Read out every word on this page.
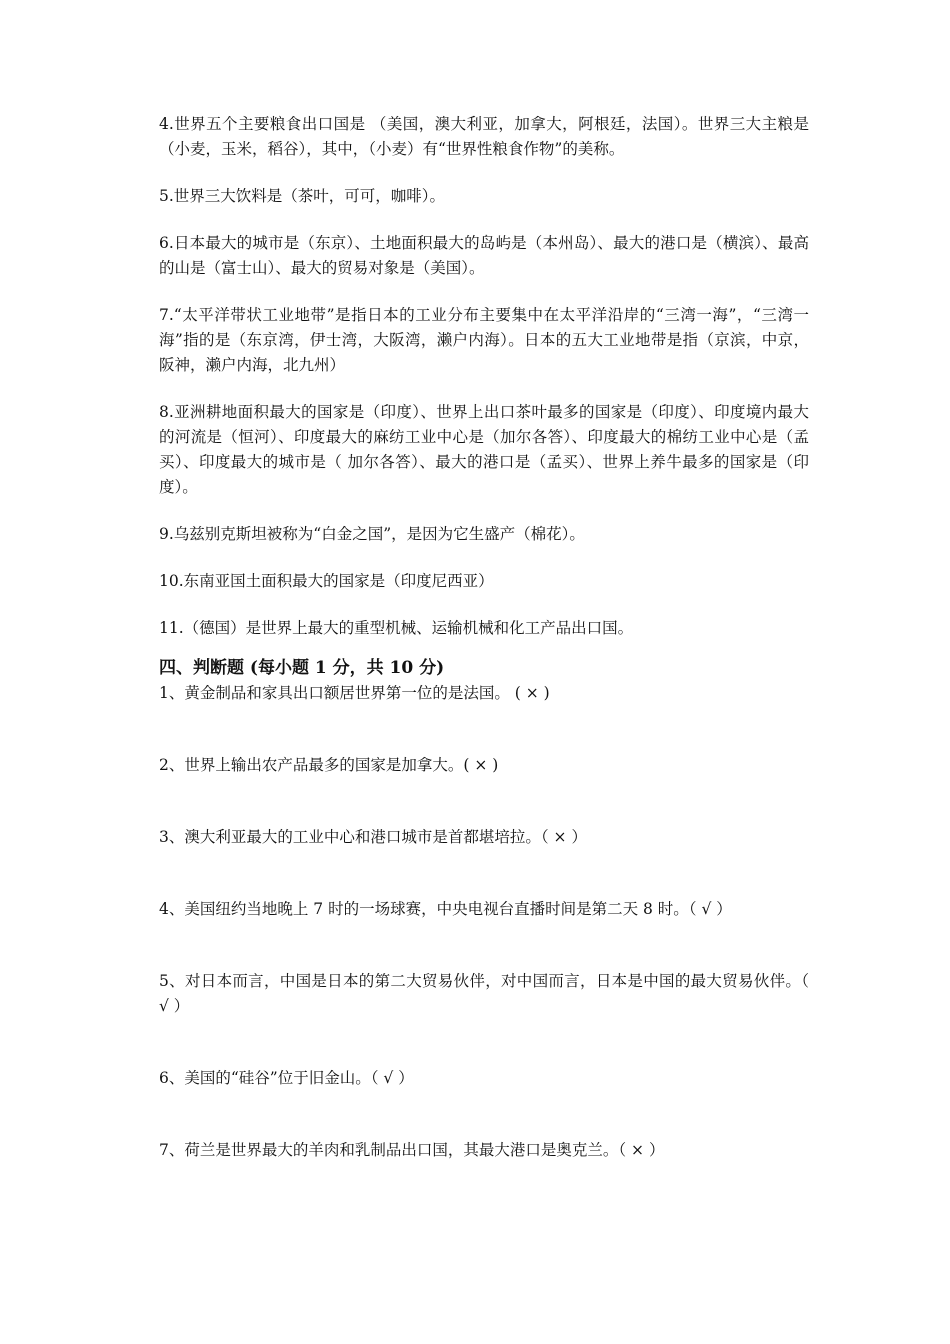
4.世界五个主要粮食出口国是 （美国，澳大利亚，加拿大，阿根廷，法国）。世界三大主粮是（小麦，玉米，稻谷），其中，（小麦）有“世界性粮食作物”的美称。

5.世界三大饮料是（茶叶，可可，咖啡）。

6.日本最大的城市是（东京）、土地面积最大的岛屿是（本州岛）、最大的港口是（横滨）、最高的山是（富士山）、最大的贸易对象是（美国）。

7.“太平洋带状工业地带”是指日本的工业分布主要集中在太平洋沿岸的“三湾一海”，“三湾一海”指的是（东京湾，伊士湾，大阪湾，濑户内海）。日本的五大工业地带是指（京滨，中京，阪神，濑户内海，北九州）

8.亚洲耕地面积最大的国家是（印度）、世界上出口茶叶最多的国家是（印度）、印度境内最大的河流是（恒河）、印度最大的麻纺工业中心是（加尔各答）、印度最大的棉纺工业中心是（孟买）、印度最大的城市是（ 加尔各答）、最大的港口是（孟买）、世界上养牛最多的国家是（印度）。

9.乌兹别克斯坦被称为“白金之国”，是因为它生盛产（棉花）。

10.东南亚国土面积最大的国家是（印度尼西亚）

11.（德国）是世界上最大的重型机械、运输机械和化工产品出口国。

四、判断题 (每小题 1 分，共 10 分)

1、黄金制品和家具出口额居世界第一位的是法国。 ( × )

2、世界上输出农产品最多的国家是加拿大。( × )

3、澳大利亚最大的工业中心和港口城市是首都堪培拉。（ × ）

4、美国纽约当地晚上 7 时的一场球赛，中央电视台直播时间是第二天 8 时。（ √ ）

5、对日本而言，中国是日本的第二大贸易伙伴，对中国而言，日本是中国的最大贸易伙伴。（ √ ）

6、美国的“硅谷”位于旧金山。（ √ ）

7、荷兰是世界最大的羊肉和乳制品出口国，其最大港口是奥克兰。（ × ）
